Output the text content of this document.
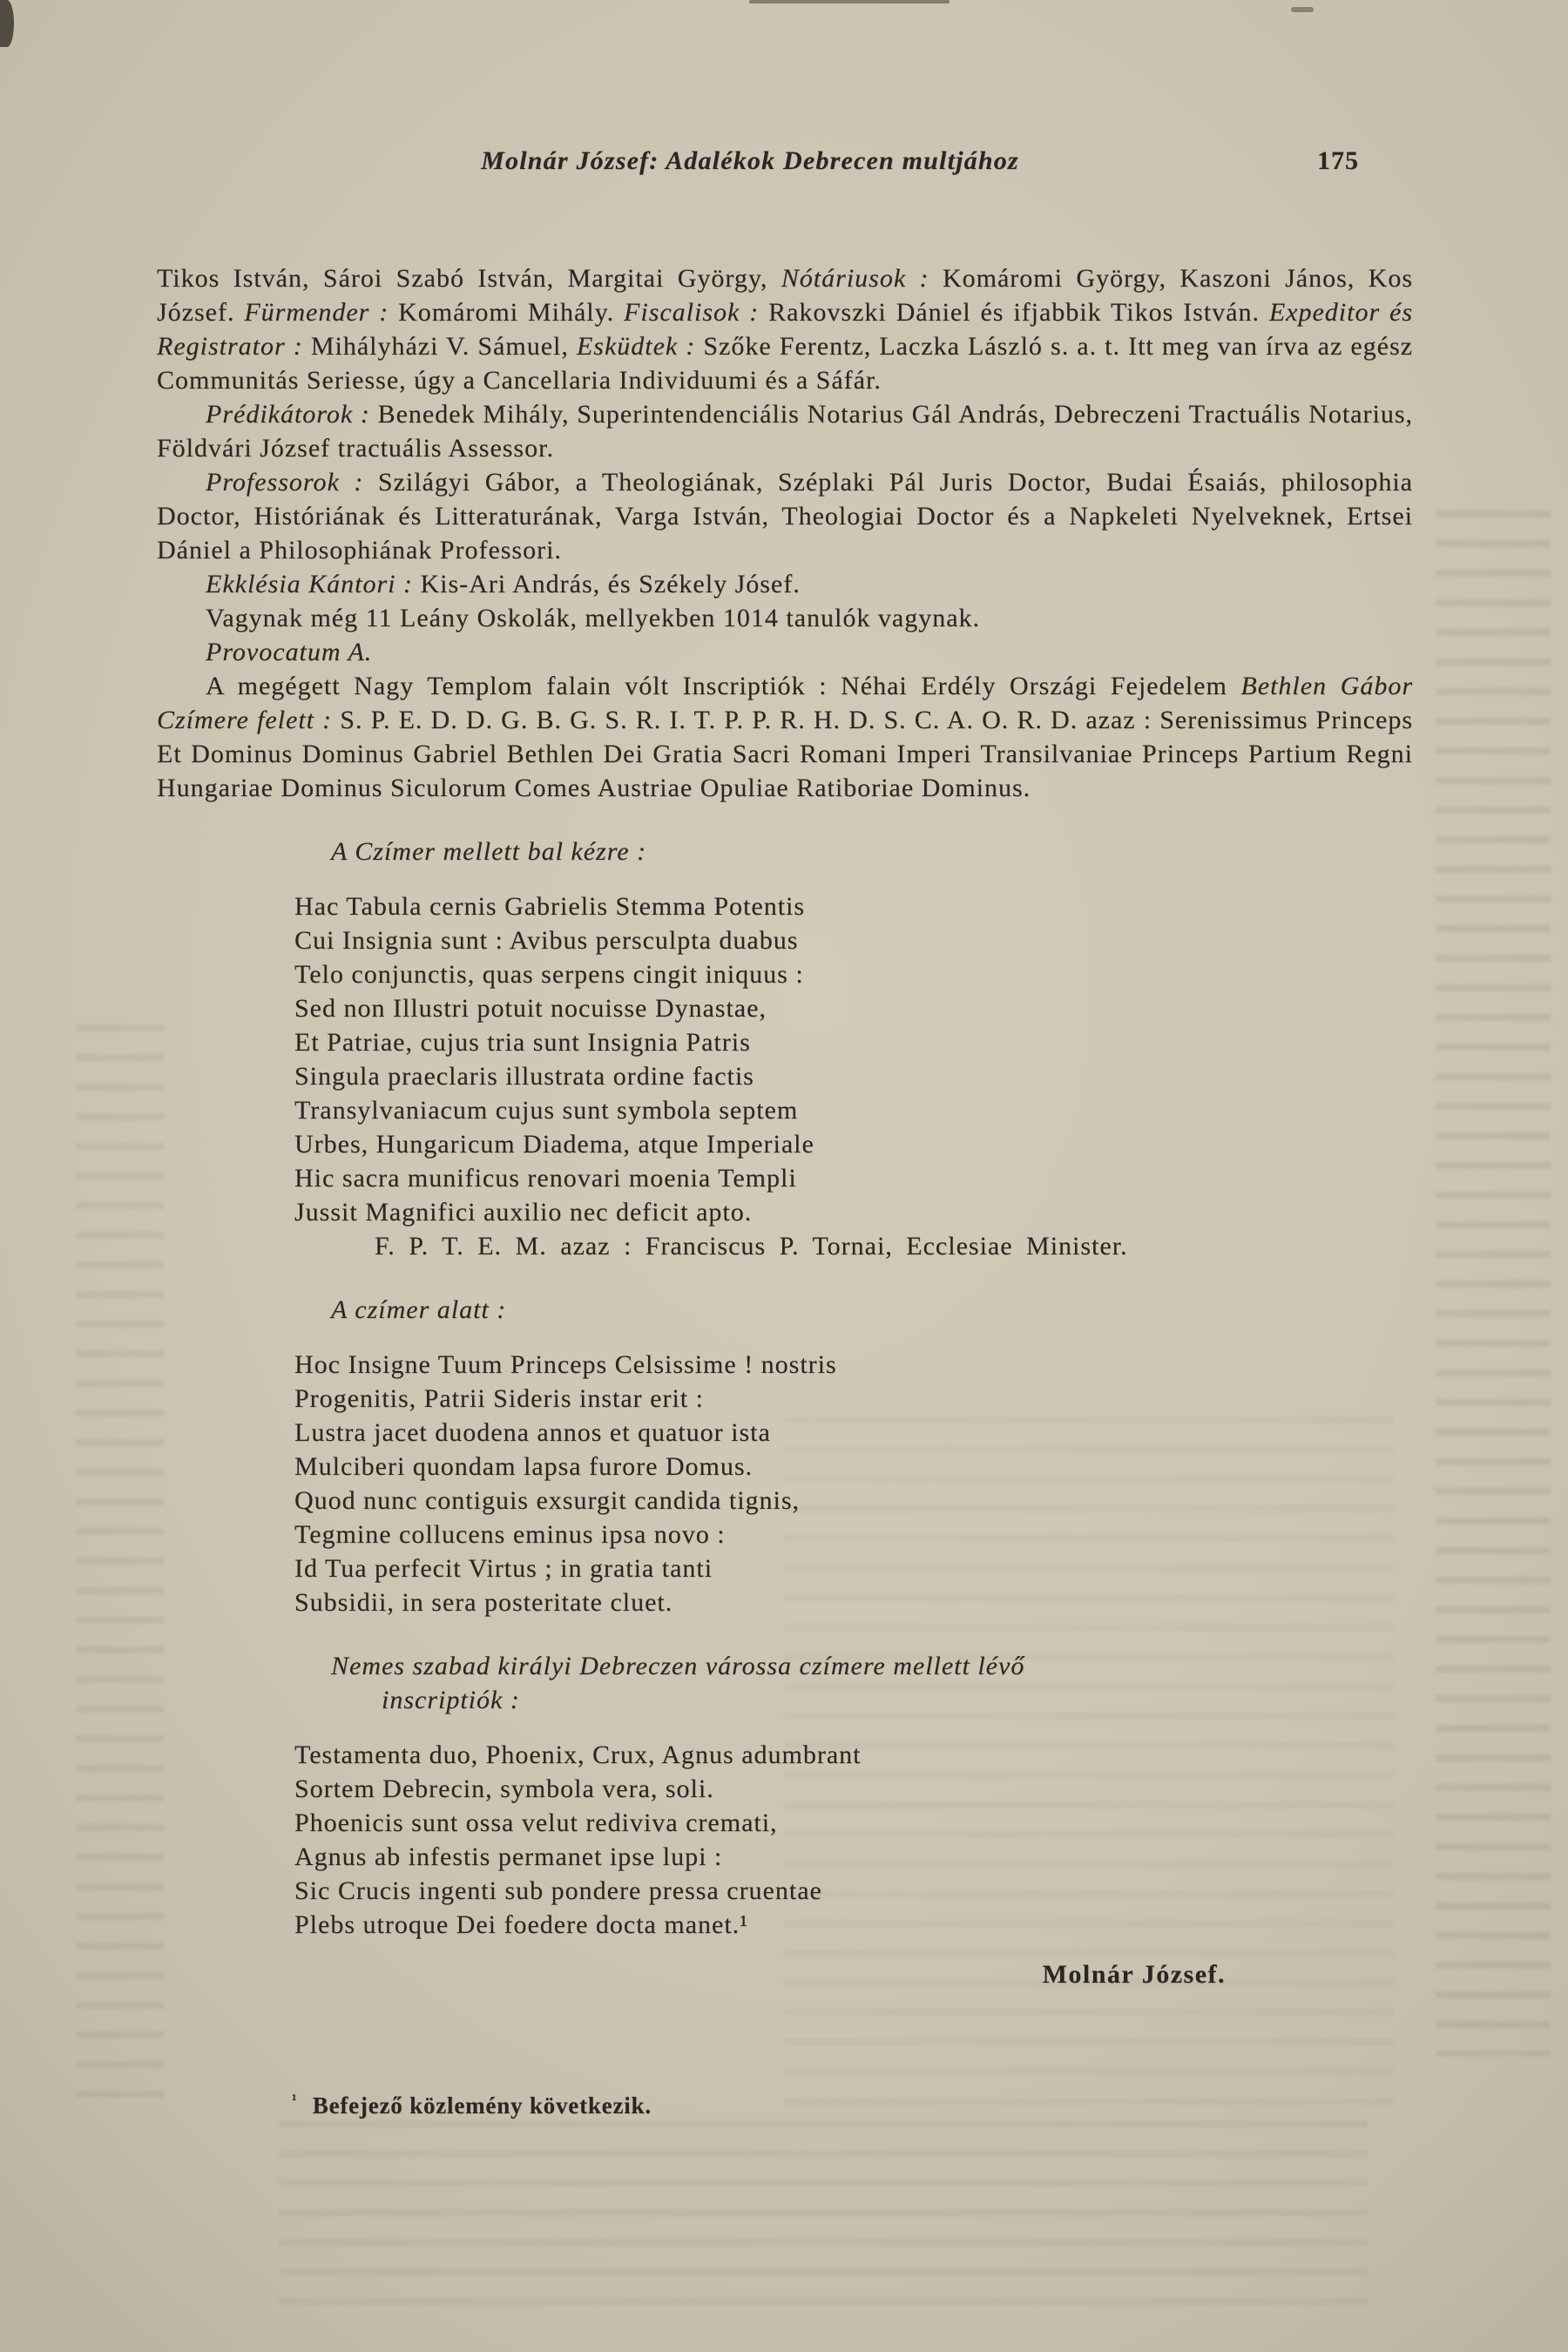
Molnár József: Adalékok Debrecen multjához	175
Tikos István, Sároi Szabó István, Margitai György, Nótáriusok : Komáromi György, Kaszoni János, Kos József. Fürmender : Komáromi Mihály. Fiscalisok : Rakovszki Dániel és ifjabbik Tikos István. Expeditor és Registrator : Mihályházi V. Sámuel, Esküdtek : Szőke Ferentz, Laczka László s. a. t. Itt meg van írva az egész Communitás Seriesse, úgy a Cancellaria Individuumi és a Sáfár.
Prédikátorok : Benedek Mihály, Superintendenciális Notarius Gál András, Debreczeni Tractuális Notarius, Földvári József tractuális Assessor.
Professorok : Szilágyi Gábor, a Theologiának, Széplaki Pál Juris Doctor, Budai Ésaiás, philosophia Doctor, Históriának és Litteraturának, Varga István, Theologiai Doctor és a Napkeleti Nyelveknek, Ertsei Dániel a Philosophiának Professori.
Ekklésia Kántori : Kis-Ari András, és Székely Jósef.
Vagynak még 11 Leány Oskolák, mellyekben 1014 tanulók vagynak.
Provocatum A.
A megégett Nagy Templom falain vólt Inscriptiók : Néhai Erdély Országi Fejedelem Bethlen Gábor Czímere felett : S. P. E. D. D. G. B. G. S. R. I. T. P. P. R. H. D. S. C. A. O. R. D. azaz : Serenissimus Princeps Et Dominus Dominus Gabriel Bethlen Dei Gratia Sacri Romani Imperi Transilvaniae Princeps Partium Regni Hungariae Dominus Siculorum Comes Austriae Opuliae Ratiboriae Dominus.
A Czímer mellett bal kézre :
Hac Tabula cernis Gabrielis Stemma Potentis
Cui Insignia sunt : Avibus persculpta duabus
Telo conjunctis, quas serpens cingit iniquus :
Sed non Illustri potuit nocuisse Dynastae,
Et Patriae, cujus tria sunt Insignia Patris
Singula praeclaris illustrata ordine factis
Transylvaniacum cujus sunt symbola septem
Urbes, Hungaricum Diadema, atque Imperiale
Hic sacra munificus renovari moenia Templi
Jussit Magnifici auxilio nec deficit apto.
F. P. T. E. M. azaz : Franciscus P. Tornai, Ecclesiae Minister.
A czímer alatt :
Hoc Insigne Tuum Princeps Celsissime ! nostris
Progenitis, Patrii Sideris instar erit :
Lustra jacet duodena annos et quatuor ista
Mulciberi quondam lapsa furore Domus.
Quod nunc contiguis exsurgit candida tignis,
Tegmine collucens eminus ipsa novo :
Id Tua perfecit Virtus ; in gratia tanti
Subsidii, in sera posteritate cluet.
Nemes szabad királyi Debreczen várossa czímere mellett lévő
inscriptiók :
Testamenta duo, Phoenix, Crux, Agnus adumbrant
Sortem Debrecin, symbola vera, soli.
Phoenicis sunt ossa velut rediviva cremati,
Agnus ab infestis permanet ipse lupi :
Sic Crucis ingenti sub pondere pressa cruentae
Plebs utroque Dei foedere docta manet.¹
Molnár József.
$^{^1}$ Befejező közlemény következik.
